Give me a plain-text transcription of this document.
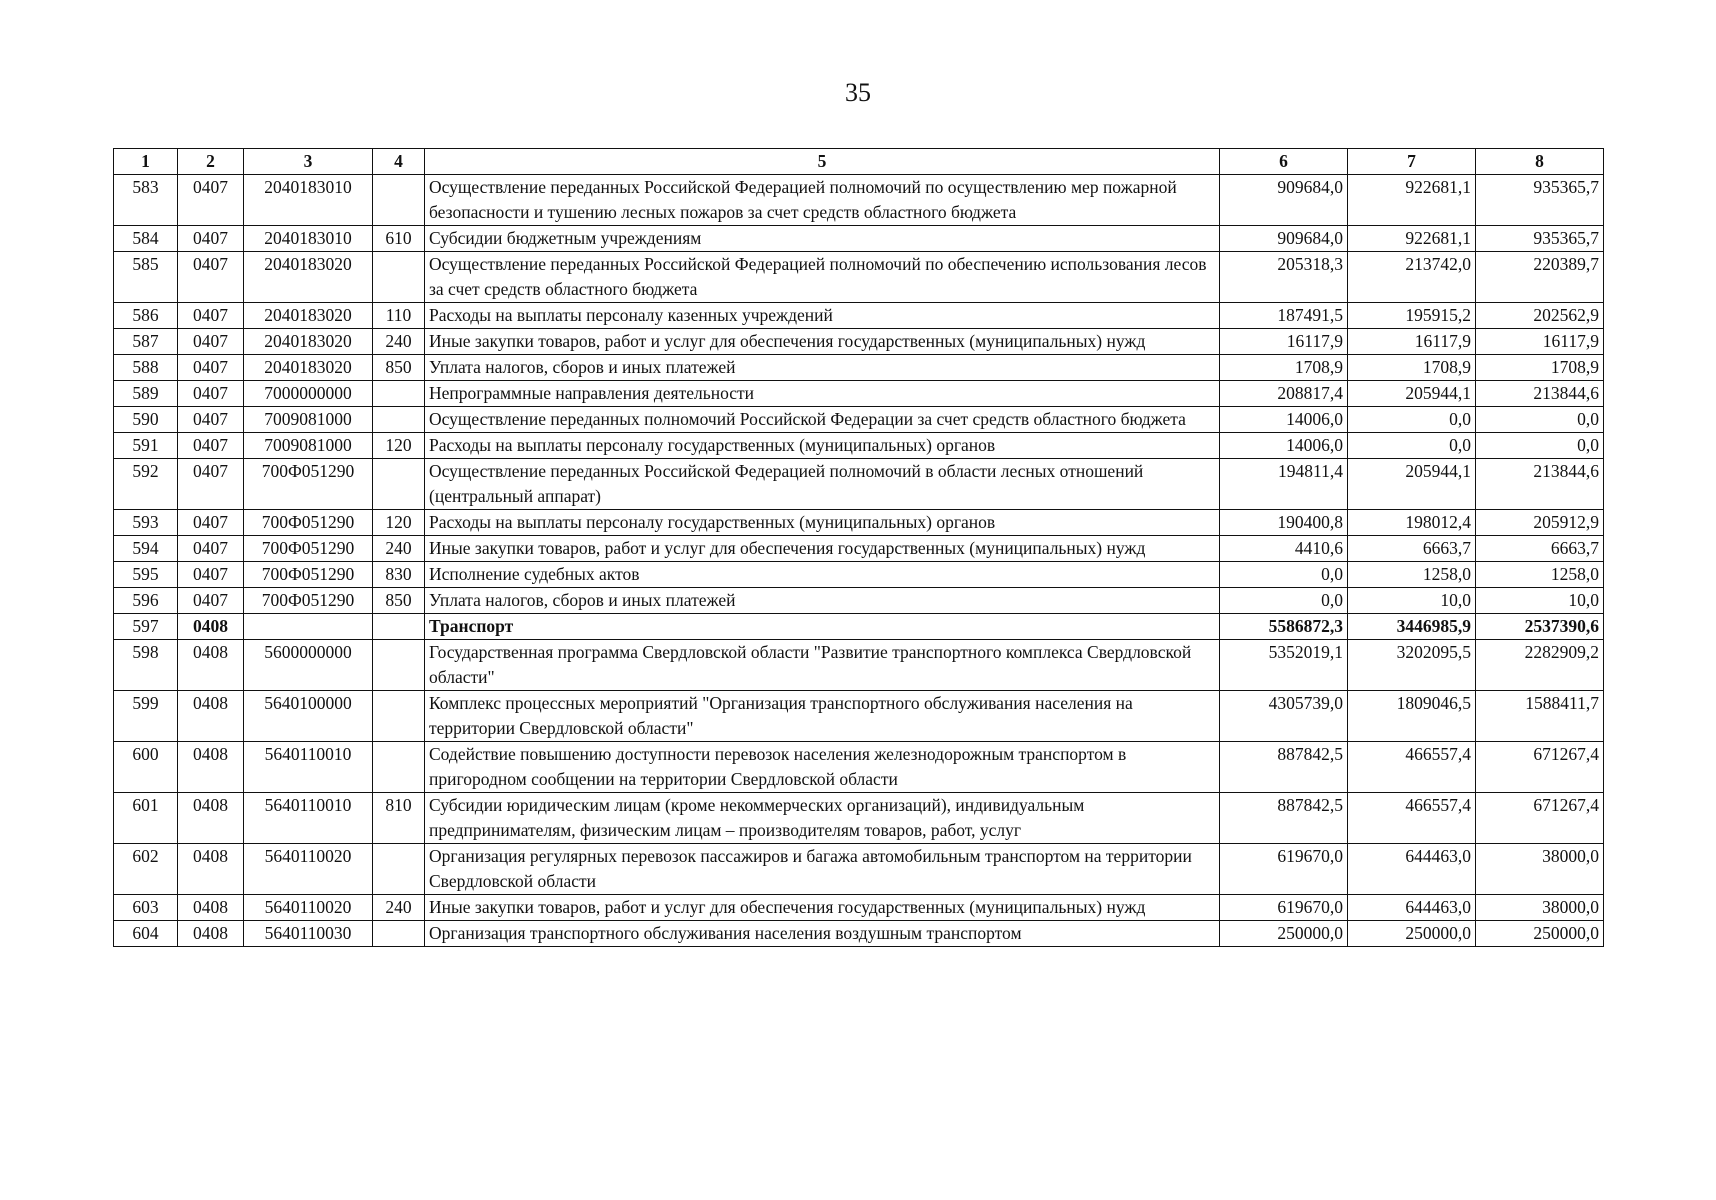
35
1	2	3	4	5	6	7	8
583	0407	2040183010		Осуществление переданных Российской Федерацией полномочий по осуществлению мер пожарной безопасности и тушению лесных пожаров за счет средств областного бюджета	909684,0	922681,1	935365,7
584	0407	2040183010	610	Субсидии бюджетным учреждениям	909684,0	922681,1	935365,7
585	0407	2040183020		Осуществление переданных Российской Федерацией полномочий по обеспечению использования лесов за счет средств областного бюджета	205318,3	213742,0	220389,7
586	0407	2040183020	110	Расходы на выплаты персоналу казенных учреждений	187491,5	195915,2	202562,9
587	0407	2040183020	240	Иные закупки товаров, работ и услуг для обеспечения государственных (муниципальных) нужд	16117,9	16117,9	16117,9
588	0407	2040183020	850	Уплата налогов, сборов и иных платежей	1708,9	1708,9	1708,9
589	0407	7000000000		Непрограммные направления деятельности	208817,4	205944,1	213844,6
590	0407	7009081000		Осуществление переданных полномочий Российской Федерации за счет средств областного бюджета	14006,0	0,0	0,0
591	0407	7009081000	120	Расходы на выплаты персоналу государственных (муниципальных) органов	14006,0	0,0	0,0
592	0407	700Ф051290		Осуществление переданных Российской Федерацией полномочий в области лесных отношений (центральный аппарат)	194811,4	205944,1	213844,6
593	0407	700Ф051290	120	Расходы на выплаты персоналу государственных (муниципальных) органов	190400,8	198012,4	205912,9
594	0407	700Ф051290	240	Иные закупки товаров, работ и услуг для обеспечения государственных (муниципальных) нужд	4410,6	6663,7	6663,7
595	0407	700Ф051290	830	Исполнение судебных актов	0,0	1258,0	1258,0
596	0407	700Ф051290	850	Уплата налогов, сборов и иных платежей	0,0	10,0	10,0
597	0408			Транспорт	5586872,3	3446985,9	2537390,6
598	0408	5600000000		Государственная программа Свердловской области "Развитие транспортного комплекса Свердловской области"	5352019,1	3202095,5	2282909,2
599	0408	5640100000		Комплекс процессных мероприятий "Организация транспортного обслуживания населения на территории Свердловской области"	4305739,0	1809046,5	1588411,7
600	0408	5640110010		Содействие повышению доступности перевозок населения железнодорожным транспортом в пригородном сообщении на территории Свердловской области	887842,5	466557,4	671267,4
601	0408	5640110010	810	Субсидии юридическим лицам (кроме некоммерческих организаций), индивидуальным предпринимателям, физическим лицам – производителям товаров, работ, услуг	887842,5	466557,4	671267,4
602	0408	5640110020		Организация регулярных перевозок пассажиров и багажа автомобильным транспортом на территории Свердловской области	619670,0	644463,0	38000,0
603	0408	5640110020	240	Иные закупки товаров, работ и услуг для обеспечения государственных (муниципальных) нужд	619670,0	644463,0	38000,0
604	0408	5640110030		Организация транспортного обслуживания населения воздушным транспортом	250000,0	250000,0	250000,0
